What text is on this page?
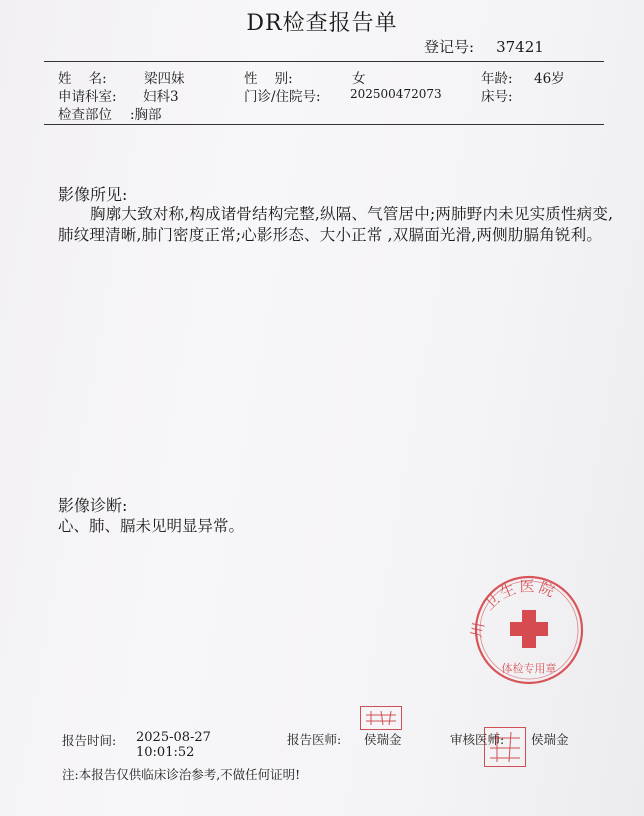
DR检查报告单
登记号: 37421
姓    名:	梁四妹	性    别:	女	年龄: 46岁
申请科室: 妇科3	门诊/住院号: 202500472073	床号:
检查部位 :胸部
影像所见:
胸廓大致对称,构成诸骨结构完整,纵隔、气管居中;两肺野内未见实质性病变,肺纹理清晰,肺门密度正常;心影形态、大小正常 ,双膈面光滑,两侧肋膈角锐利。
影像诊断:
心、肺、膈未见明显异常。
川卫生医院
体检专用章
报告时间: 2025-08-27
10:01:52
报告医师: 侯瑞金	审核医师: 侯瑞金
注:本报告仅供临床诊治参考,不做任何证明!
